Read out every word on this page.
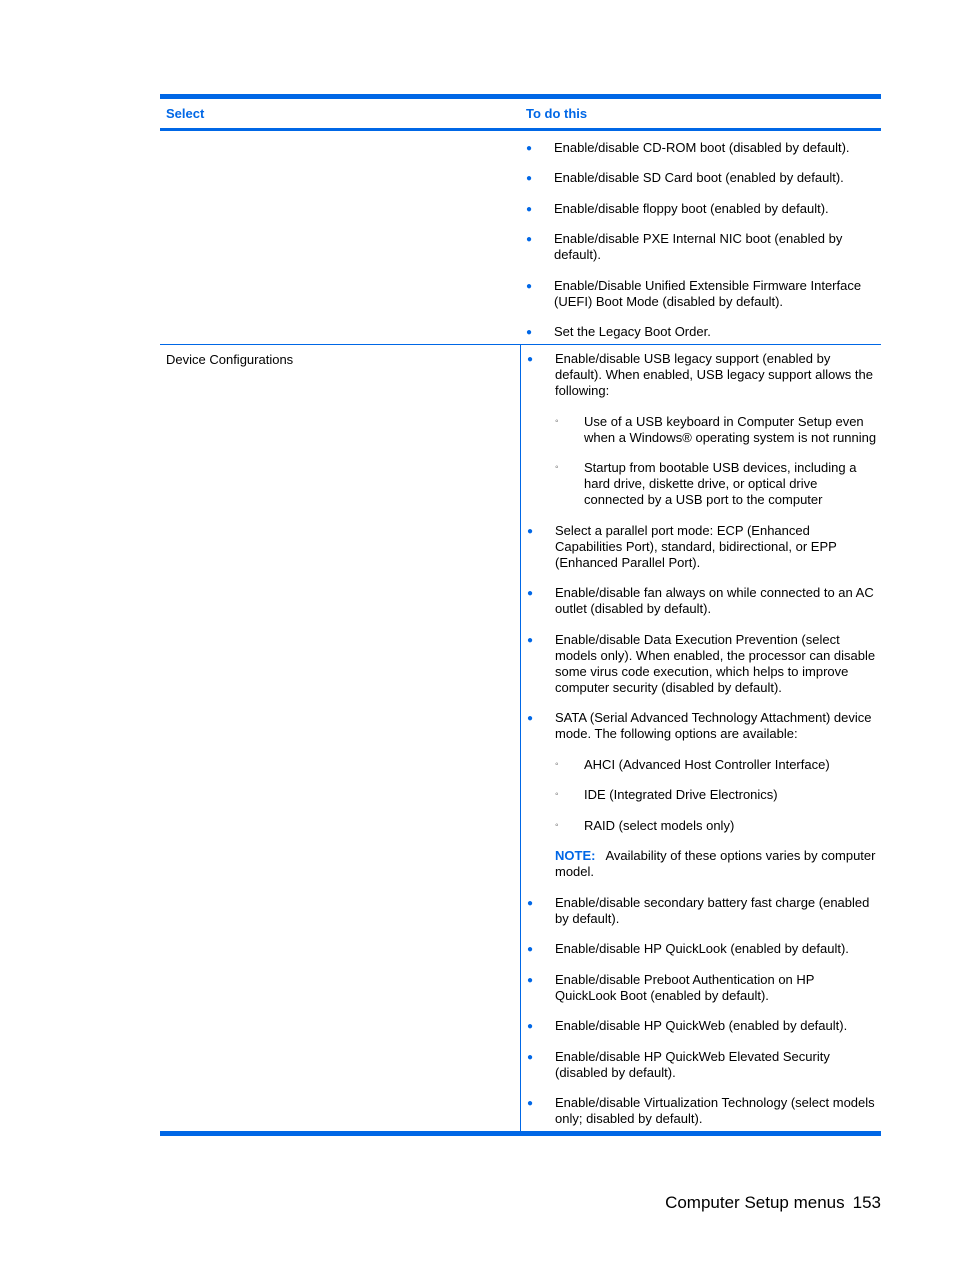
Select	To do this
●
Enable/disable CD-ROM boot (disabled by default).
●
Enable/disable SD Card boot (enabled by default).
●
Enable/disable floppy boot (enabled by default).
●
Enable/disable PXE Internal NIC boot (enabled by default).
●
Enable/Disable Unified Extensible Firmware Interface (UEFI) Boot Mode (disabled by default).
●
Set the Legacy Boot Order.
Device Configurations
●	Enable/disable USB legacy support (enabled by default). When enabled, USB legacy support allows the following:
◦ Use of a USB keyboard in Computer Setup even when a Windows® operating system is not running
◦ Startup from bootable USB devices, including a hard drive, diskette drive, or optical drive connected by a USB port to the computer
●
Select a parallel port mode: ECP (Enhanced Capabilities Port), standard, bidirectional, or EPP (Enhanced Parallel Port).
●
Enable/disable fan always on while connected to an AC outlet (disabled by default).
●
Enable/disable Data Execution Prevention (select models only). When enabled, the processor can disable some virus code execution, which helps to improve computer security (disabled by default).
●
SATA (Serial Advanced Technology Attachment) device mode. The following options are available:
◦ AHCI (Advanced Host Controller Interface)
◦ IDE (Integrated Drive Electronics)
◦ RAID (select models only)
NOTE: Availability of these options varies by computer model.
●
Enable/disable secondary battery fast charge (enabled by default).
●
Enable/disable HP QuickLook (enabled by default).
●
Enable/disable Preboot Authentication on HP QuickLook Boot (enabled by default).
●
Enable/disable HP QuickWeb (enabled by default).
●
Enable/disable HP QuickWeb Elevated Security (disabled by default).
●
Enable/disable Virtualization Technology (select models only; disabled by default).
Computer Setup menus 153
